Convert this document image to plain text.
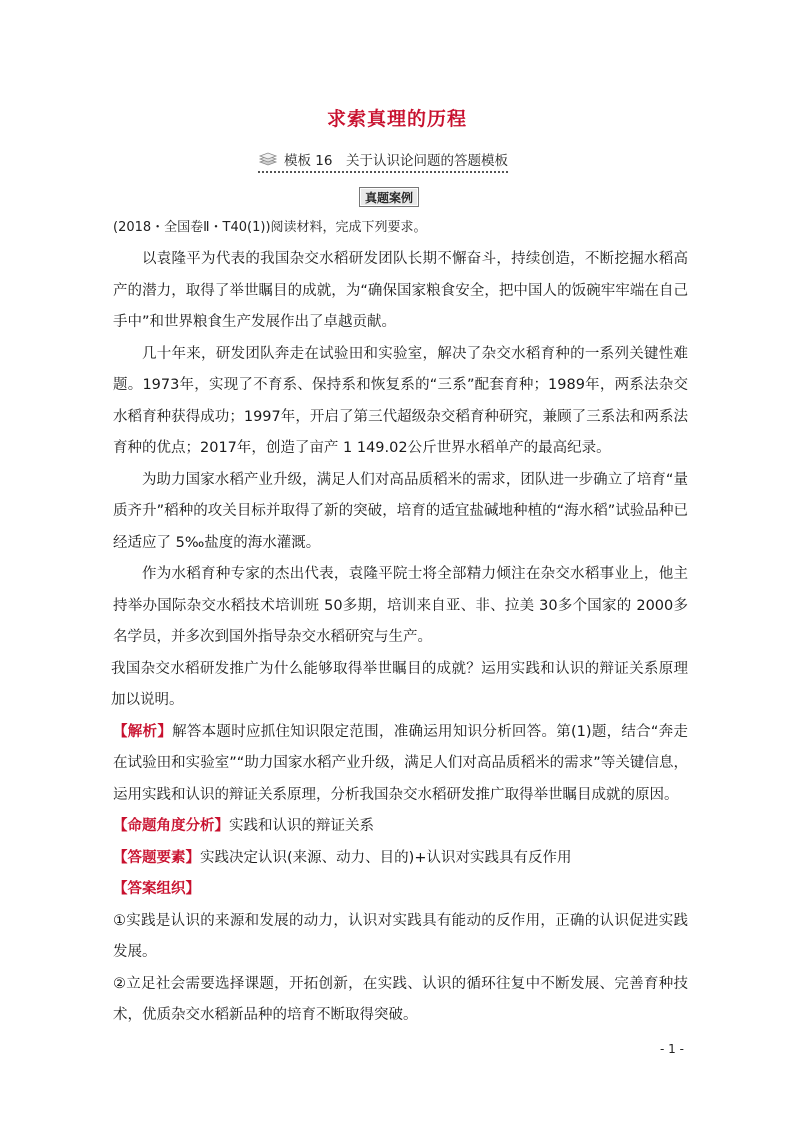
求索真理的历程
模板 16　关于认识论问题的答题模板
真题案例
(2018・全国卷Ⅱ・T40(1))阅读材料，完成下列要求。

以袁隆平为代表的我国杂交水稻研发团队长期不懈奋斗，持续创造，不断挖掘水稻高产的潜力，取得了举世瞩目的成就，为“确保国家粮食安全，把中国人的饭碗牢牢端在自己手中”和世界粮食生产发展作出了卓越贡献。

几十年来，研发团队奔走在试验田和实验室，解决了杂交水稻育种的一系列关键性难题。1973年，实现了不育系、保持系和恢复系的“三系”配套育种；1989年，两系法杂交水稻育种获得成功；1997年，开启了第三代超级杂交稻育种研究，兼顾了三系法和两系法育种的优点；2017年，创造了亩产 1 149.02公斤世界水稻单产的最高纪录。

为助力国家水稻产业升级，满足人们对高品质稻米的需求，团队进一步确立了培育“量质齐升”稻种的攻关目标并取得了新的突破，培育的适宜盐碱地种植的“海水稻”试验品种已经适应了 5‰盐度的海水灌溉。

作为水稻育种专家的杰出代表，袁隆平院士将全部精力倾注在杂交水稻事业上，他主持举办国际杂交水稻技术培训班 50多期，培训来自亚、非、拉美 30多个国家的 2000多名学员，并多次到国外指导杂交水稻研究与生产。

我国杂交水稻研发推广为什么能够取得举世瞩目的成就？运用实践和认识的辩证关系原理加以说明。

【解析】解答本题时应抓住知识限定范围，准确运用知识分析回答。第(1)题，结合“奔走在试验田和实验室”“助力国家水稻产业升级，满足人们对高品质稻米的需求”等关键信息，运用实践和认识的辩证关系原理，分析我国杂交水稻研发推广取得举世瞩目成就的原因。

【命题角度分析】实践和认识的辩证关系

【答题要素】实践决定认识(来源、动力、目的)+认识对实践具有反作用

【答案组织】

①实践是认识的来源和发展的动力，认识对实践具有能动的反作用，正确的认识促进实践发展。

②立足社会需要选择课题，开拓创新，在实践、认识的循环往复中不断发展、完善育种技术，优质杂交水稻新品种的培育不断取得突破。

- 1 -
